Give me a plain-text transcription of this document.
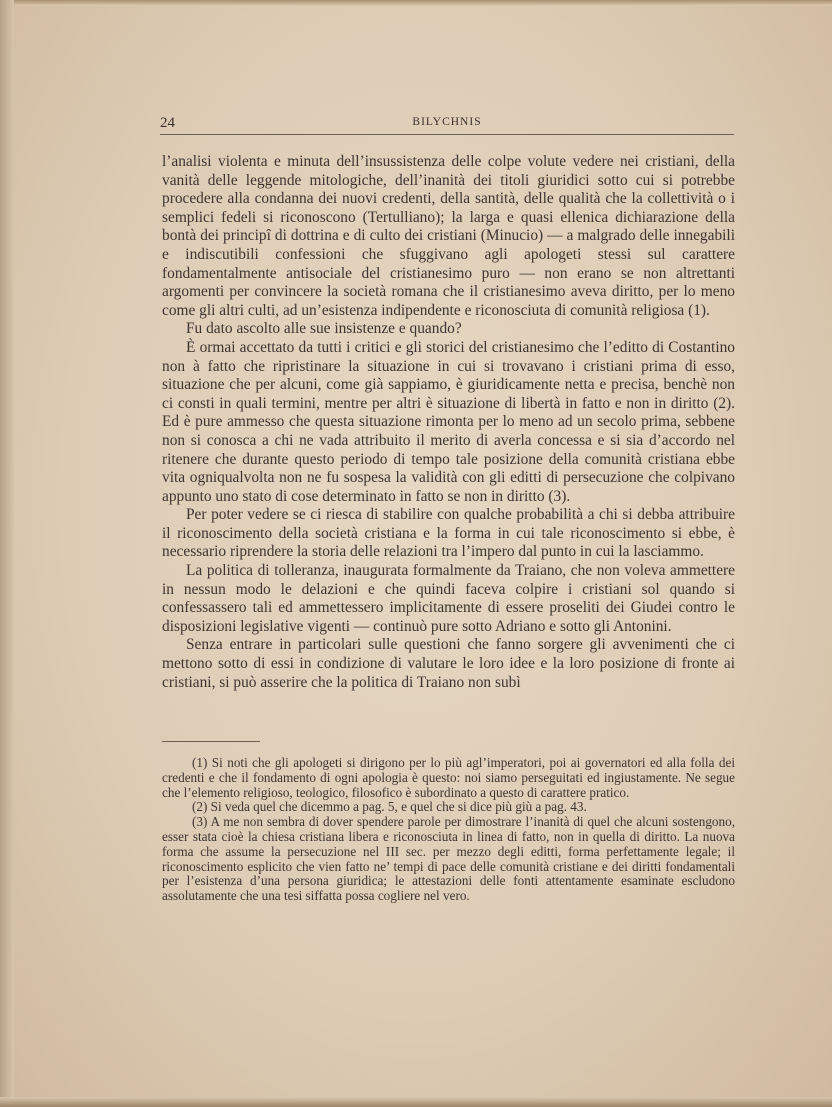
24	BILYCHNIS

l’analisi violenta e minuta dell’insussistenza delle colpe volute vedere nei cristiani, della vanità delle leggende mitologiche, dell’inanità dei titoli giuridici sotto cui si potrebbe procedere alla condanna dei nuovi credenti, della santità, delle qualità che la collettività o i semplici fedeli si riconoscono (Tertulliano); la larga e quasi ellenica dichiarazione della bontà dei principî di dottrina e di culto dei cristiani (Minucio) — a malgrado delle innegabili e indiscutibili confessioni che sfuggivano agli apologeti stessi sul carattere fondamentalmente antisociale del cristianesimo puro — non erano se non altrettanti argomenti per convincere la società romana che il cristianesimo aveva diritto, per lo meno come gli altri culti, ad un’esistenza indipendente e riconosciuta di comunità religiosa (1).

Fu dato ascolto alle sue insistenze e quando?

È ormai accettato da tutti i critici e gli storici del cristianesimo che l’editto di Costantino non à fatto che ripristinare la situazione in cui si trovavano i cristiani prima di esso, situazione che per alcuni, come già sappiamo, è giuridicamente netta e precisa, benchè non ci consti in quali termini, mentre per altri è situazione di libertà in fatto e non in diritto (2). Ed è pure ammesso che questa situazione rimonta per lo meno ad un secolo prima, sebbene non si conosca a chi ne vada attribuito il merito di averla concessa e si sia d’accordo nel ritenere che durante questo periodo di tempo tale posizione della comunità cristiana ebbe vita ogniqualvolta non ne fu sospesa la validità con gli editti di persecuzione che colpivano appunto uno stato di cose determinato in fatto se non in diritto (3).

Per poter vedere se ci riesca di stabilire con qualche probabilità a chi si debba attribuire il riconoscimento della società cristiana e la forma in cui tale riconoscimento si ebbe, è necessario riprendere la storia delle relazioni tra l’impero dal punto in cui la lasciammo.

La politica di tolleranza, inaugurata formalmente da Traiano, che non voleva ammettere in nessun modo le delazioni e che quindi faceva colpire i cristiani sol quando si confessassero tali ed ammettessero implicitamente di essere proseliti dei Giudei contro le disposizioni legislative vigenti — continuò pure sotto Adriano e sotto gli Antonini.

Senza entrare in particolari sulle questioni che fanno sorgere gli avvenimenti che ci mettono sotto di essi in condizione di valutare le loro idee e la loro posizione di fronte ai cristiani, si può asserire che la politica di Traiano non subì

(1) Si noti che gli apologeti si dirigono per lo più agl’imperatori, poi ai governatori ed alla folla dei credenti e che il fondamento di ogni apologia è questo: noi siamo perseguitati ed ingiustamente. Ne segue che l’elemento religioso, teologico, filosofico è subordinato a questo di carattere pratico.

(2) Si veda quel che dicemmo a pag. 5, e quel che si dice più giù a pag. 43.

(3) A me non sembra di dover spendere parole per dimostrare l’inanità di quel che alcuni sostengono, esser stata cioè la chiesa cristiana libera e riconosciuta in linea di fatto, non in quella di diritto. La nuova forma che assume la persecuzione nel III sec. per mezzo degli editti, forma perfettamente legale; il riconoscimento esplicito che vien fatto ne’ tempi di pace delle comunità cristiane e dei diritti fondamentali per l’esistenza d’una persona giuridica; le attestazioni delle fonti attentamente esaminate escludono assolutamente che una tesi siffatta possa cogliere nel vero.
